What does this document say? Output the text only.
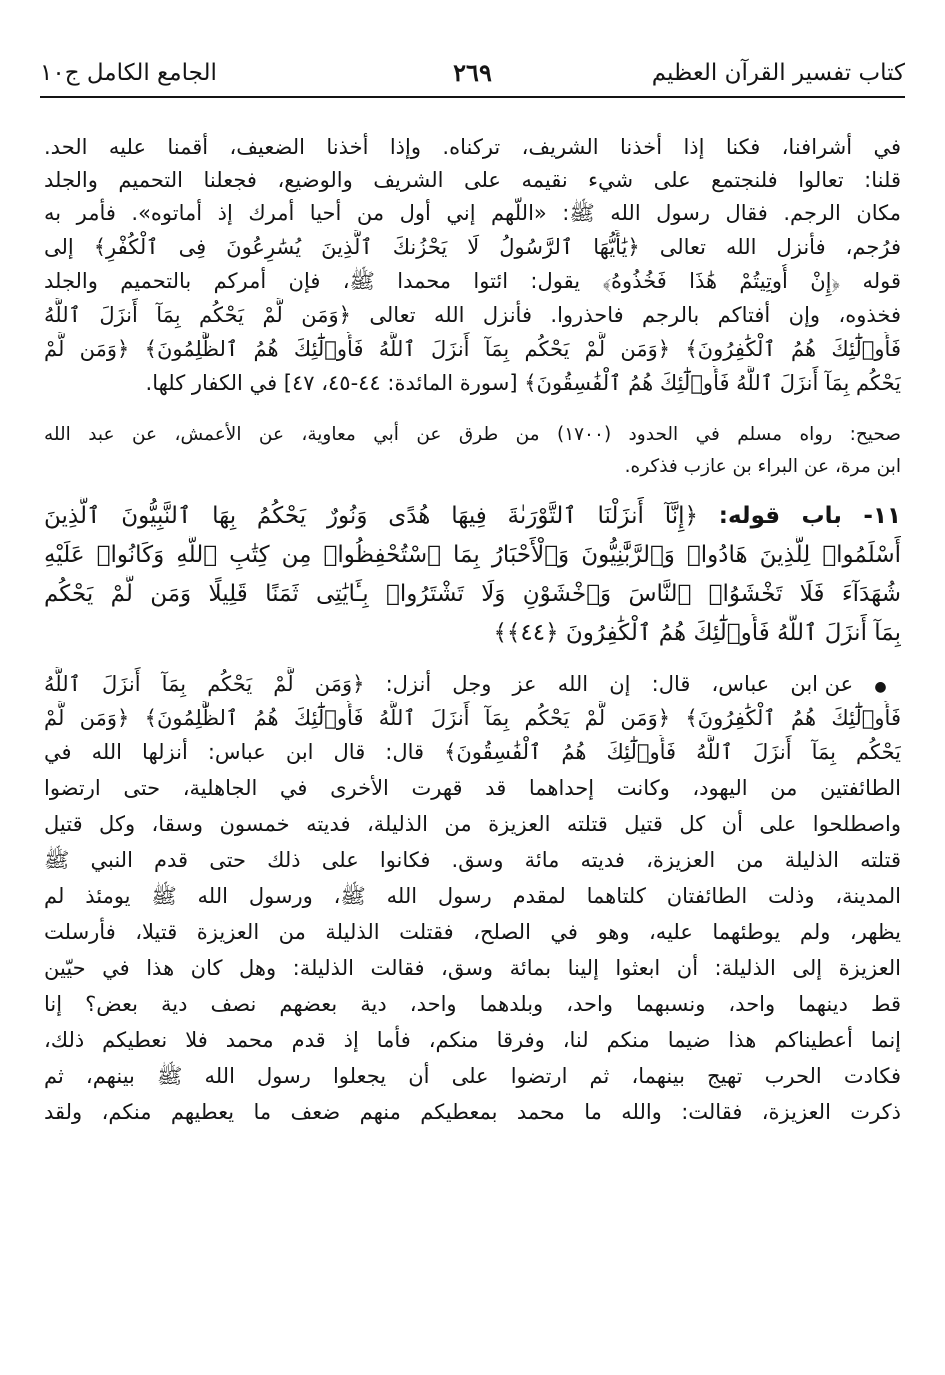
كتاب تفسير القرآن العظيم
٢٦٩
الجامع الكامل ج١٠
في أشرافنا، فكنا إذا أخذنا الشريف، تركناه. وإذا أخذنا الضعيف، أقمنا عليه الحد.
قلنا: تعالوا فلنجتمع على شيء نقيمه على الشريف والوضيع، فجعلنا التحميم والجلد
مكان الرجم. فقال رسول الله ﷺ: «اللّهم إني أول من أحيا أمرك إذ أماتوه». فأمر به
فرُجم، فأنزل الله تعالى ﴿يَٰأَيُّهَا ٱلرَّسُولُ لَا يَحْزُنكَ ٱلَّذِينَ يُسَٰرِعُونَ فِى ٱلْكُفْرِ﴾ إلى
قوله ﴿إِنْ أُوتِيتُمْ هَٰذَا فَخُذُوهُ﴾ يقول: ائتوا محمدا ﷺ، فإن أمركم بالتحميم والجلد
فخذوه، وإن أفتاكم بالرجم فاحذروا. فأنزل الله تعالى ﴿وَمَن لَّمْ يَحْكُم بِمَآ أَنزَلَ ٱللَّهُ
فَأُو۟لَٰٓئِكَ هُمُ ٱلْكَٰفِرُونَ﴾ ﴿وَمَن لَّمْ يَحْكُم بِمَآ أَنزَلَ ٱللَّهُ فَأُو۟لَٰٓئِكَ هُمُ ٱلظَّٰلِمُونَ﴾ ﴿وَمَن لَّمْ
يَحْكُم بِمَآ أَنزَلَ ٱللَّهُ فَأُو۟لَٰٓئِكَ هُمُ ٱلْفَٰسِقُونَ﴾ [سورة المائدة: ٤٤-٤٥، ٤٧] في الكفار كلها.
صحيح: رواه مسلم في الحدود (١٧٠٠) من طرق عن أبي معاوية، عن الأعمش، عن عبد الله
ابن مرة، عن البراء بن عازب فذكره.
١١- باب قوله: ﴿إِنَّآ أَنزَلْنَا ٱلتَّوْرَىٰةَ فِيهَا هُدًى وَنُورٌ يَحْكُمُ بِهَا ٱلنَّبِيُّونَ ٱلَّذِينَ
أَسْلَمُوا۟ لِلَّذِينَ هَادُوا۟ وَٱلرَّبَّٰنِيُّونَ وَٱلْأَحْبَارُ بِمَا ٱسْتُحْفِظُوا۟ مِن كِتَٰبِ ٱللَّهِ وَكَانُوا۟ عَلَيْهِ
شُهَدَآءَ فَلَا تَخْشَوُا۟ ٱلنَّاسَ وَٱخْشَوْنِ وَلَا تَشْتَرُوا۟ بِـَٔايَٰتِى ثَمَنًا قَلِيلًا وَمَن لَّمْ يَحْكُم
بِمَآ أَنزَلَ ٱللَّهُ فَأُو۟لَٰٓئِكَ هُمُ ٱلْكَٰفِرُونَ ﴿٤٤﴾﴾
● عن ابن عباس، قال: إن الله عز وجل أنزل: ﴿وَمَن لَّمْ يَحْكُم بِمَآ أَنزَلَ ٱللَّهُ
فَأُو۟لَٰٓئِكَ هُمُ ٱلْكَٰفِرُونَ﴾ ﴿وَمَن لَّمْ يَحْكُم بِمَآ أَنزَلَ ٱللَّهُ فَأُو۟لَٰٓئِكَ هُمُ ٱلظَّٰلِمُونَ﴾ ﴿وَمَن لَّمْ
يَحْكُم بِمَآ أَنزَلَ ٱللَّهُ فَأُو۟لَٰٓئِكَ هُمُ ٱلْفَٰسِقُونَ﴾ قال: قال ابن عباس: أنزلها الله في
الطائفتين من اليهود، وكانت إحداهما قد قهرت الأخرى في الجاهلية، حتى ارتضوا
واصطلحوا على أن كل قتيل قتلته العزيزة من الذليلة، فديته خمسون وسقا، وكل قتيل
قتلته الذليلة من العزيزة، فديته مائة وسق. فكانوا على ذلك حتى قدم النبي ﷺ
المدينة، وذلت الطائفتان كلتاهما لمقدم رسول الله ﷺ، ورسول الله ﷺ يومئذ لم
يظهر، ولم يوطئهما عليه، وهو في الصلح، فقتلت الذليلة من العزيزة قتيلا، فأرسلت
العزيزة إلى الذليلة: أن ابعثوا إلينا بمائة وسق، فقالت الذليلة: وهل كان هذا في حيّين
قط دينهما واحد، ونسبهما واحد، وبلدهما واحد، دية بعضهم نصف دية بعض؟ إنا
إنما أعطيناكم هذا ضيما منكم لنا، وفرقا منكم، فأما إذ قدم محمد فلا نعطيكم ذلك،
فكادت الحرب تهيج بينهما، ثم ارتضوا على أن يجعلوا رسول الله ﷺ بينهم، ثم
ذكرت العزيزة، فقالت: والله ما محمد بمعطيكم منهم ضعف ما يعطيهم منكم، ولقد
